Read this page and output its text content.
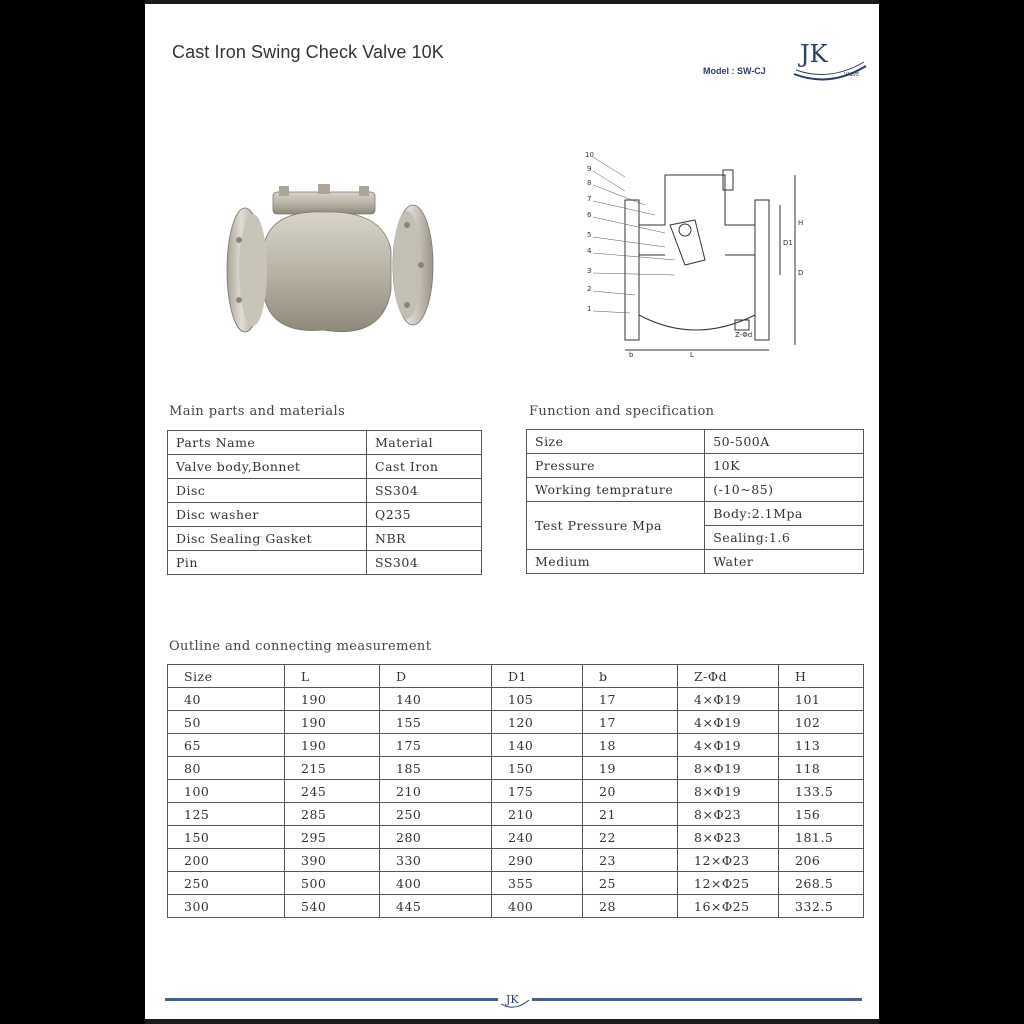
Cast Iron Swing Check Valve 10K
Model : SW-CJ
JK
VALVE
10
9
8
7
6
5
4
3
2
1
H
D1
D
L
Z-Φd
b
Main parts and materials
Parts Name	Material
Valve body,Bonnet	Cast Iron
Disc	SS304
Disc washer	Q235
Disc Sealing Gasket	NBR
Pin	SS304
Function and specification
Size	50-500A
Pressure	10K
Working temprature	(-10~85)
Test Pressure Mpa	Body:2.1Mpa
	Sealing:1.6
Medium	Water
Outline and connecting measurement
Size	L	D	D1	b	Z-Φd	H
40	190	140	105	17	4×Φ19	101
50	190	155	120	17	4×Φ19	102
65	190	175	140	18	4×Φ19	113
80	215	185	150	19	8×Φ19	118
100	245	210	175	20	8×Φ19	133.5
125	285	250	210	21	8×Φ23	156
150	295	280	240	22	8×Φ23	181.5
200	390	330	290	23	12×Φ23	206
250	500	400	355	25	12×Φ25	268.5
300	540	445	400	28	16×Φ25	332.5
JK
